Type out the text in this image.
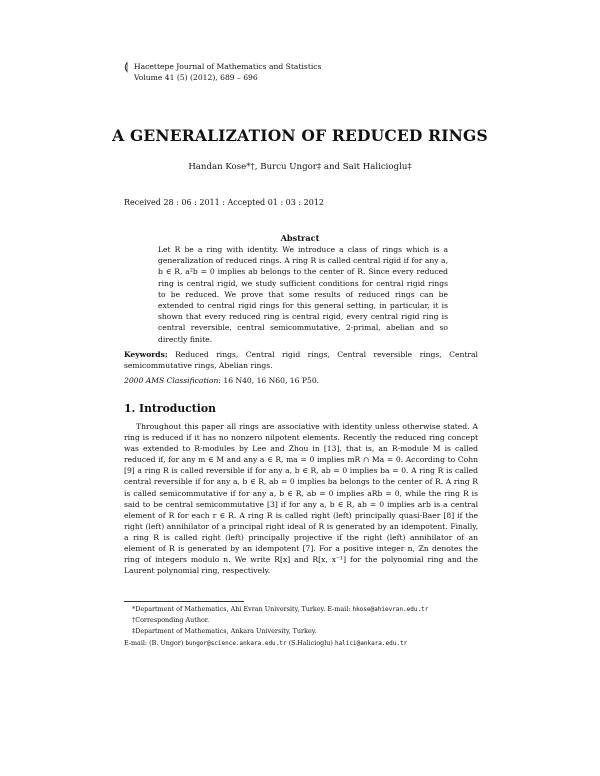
⟬ Hacettepe Journal of Mathematics and Statistics
Volume 41 (5) (2012), 689 – 696
A GENERALIZATION OF REDUCED RINGS
Handan Kose*†, Burcu Ungor‡ and Sait Halicioglu‡
Received 28 : 06 : 2011 : Accepted 01 : 03 : 2012
Abstract
Let R be a ring with identity. We introduce a class of rings which is a generalization of reduced rings. A ring R is called central rigid if for any a, b ∈ R, a²b = 0 implies ab belongs to the center of R. Since every reduced ring is central rigid, we study sufficient conditions for central rigid rings to be reduced. We prove that some results of reduced rings can be extended to central rigid rings for this general setting, in particular, it is shown that every reduced ring is central rigid, every central rigid ring is central reversible, central semicommutative, 2-primal, abelian and so directly finite.
Keywords: Reduced rings, Central rigid rings, Central reversible rings, Central semicommutative rings, Abelian rings.
2000 AMS Classification: 16 N40, 16 N60, 16 P50.
1. Introduction

Throughout this paper all rings are associative with identity unless otherwise stated. A ring is reduced if it has no nonzero nilpotent elements. Recently the reduced ring concept was extended to R-modules by Lee and Zhou in [13], that is, an R-module M is called reduced if, for any m ∈ M and any a ∈ R, ma = 0 implies mR ∩ Ma = 0. According to Cohn [9] a ring R is called reversible if for any a, b ∈ R, ab = 0 implies ba = 0. A ring R is called central reversible if for any a, b ∈ R, ab = 0 implies ba belongs to the center of R. A ring R is called semicommutative if for any a, b ∈ R, ab = 0 implies aRb = 0, while the ring R is said to be central semicommutative [3] if for any a, b ∈ R, ab = 0 implies arb is a central element of R for each r ∈ R. A ring R is called right (left) principally quasi-Baer [8] if the right (left) annihilator of a principal right ideal of R is generated by an idempotent. Finally, a ring R is called right (left) principally projective if the right (left) annihilator of an element of R is generated by an idempotent [7]. For a positive integer n, ℤn denotes the ring of integers modulo n. We write R[x] and R[x, x⁻¹] for the polynomial ring and the Laurent polynomial ring, respectively.

*Department of Mathematics, Ahi Evran University, Turkey. E-mail: hkose@ahievran.edu.tr
†Corresponding Author.
‡Department of Mathematics, Ankara University, Turkey.
E-mail: (B. Ungor) bungor@science.ankara.edu.tr (S.Halicioglu) halici@ankara.edu.tr
